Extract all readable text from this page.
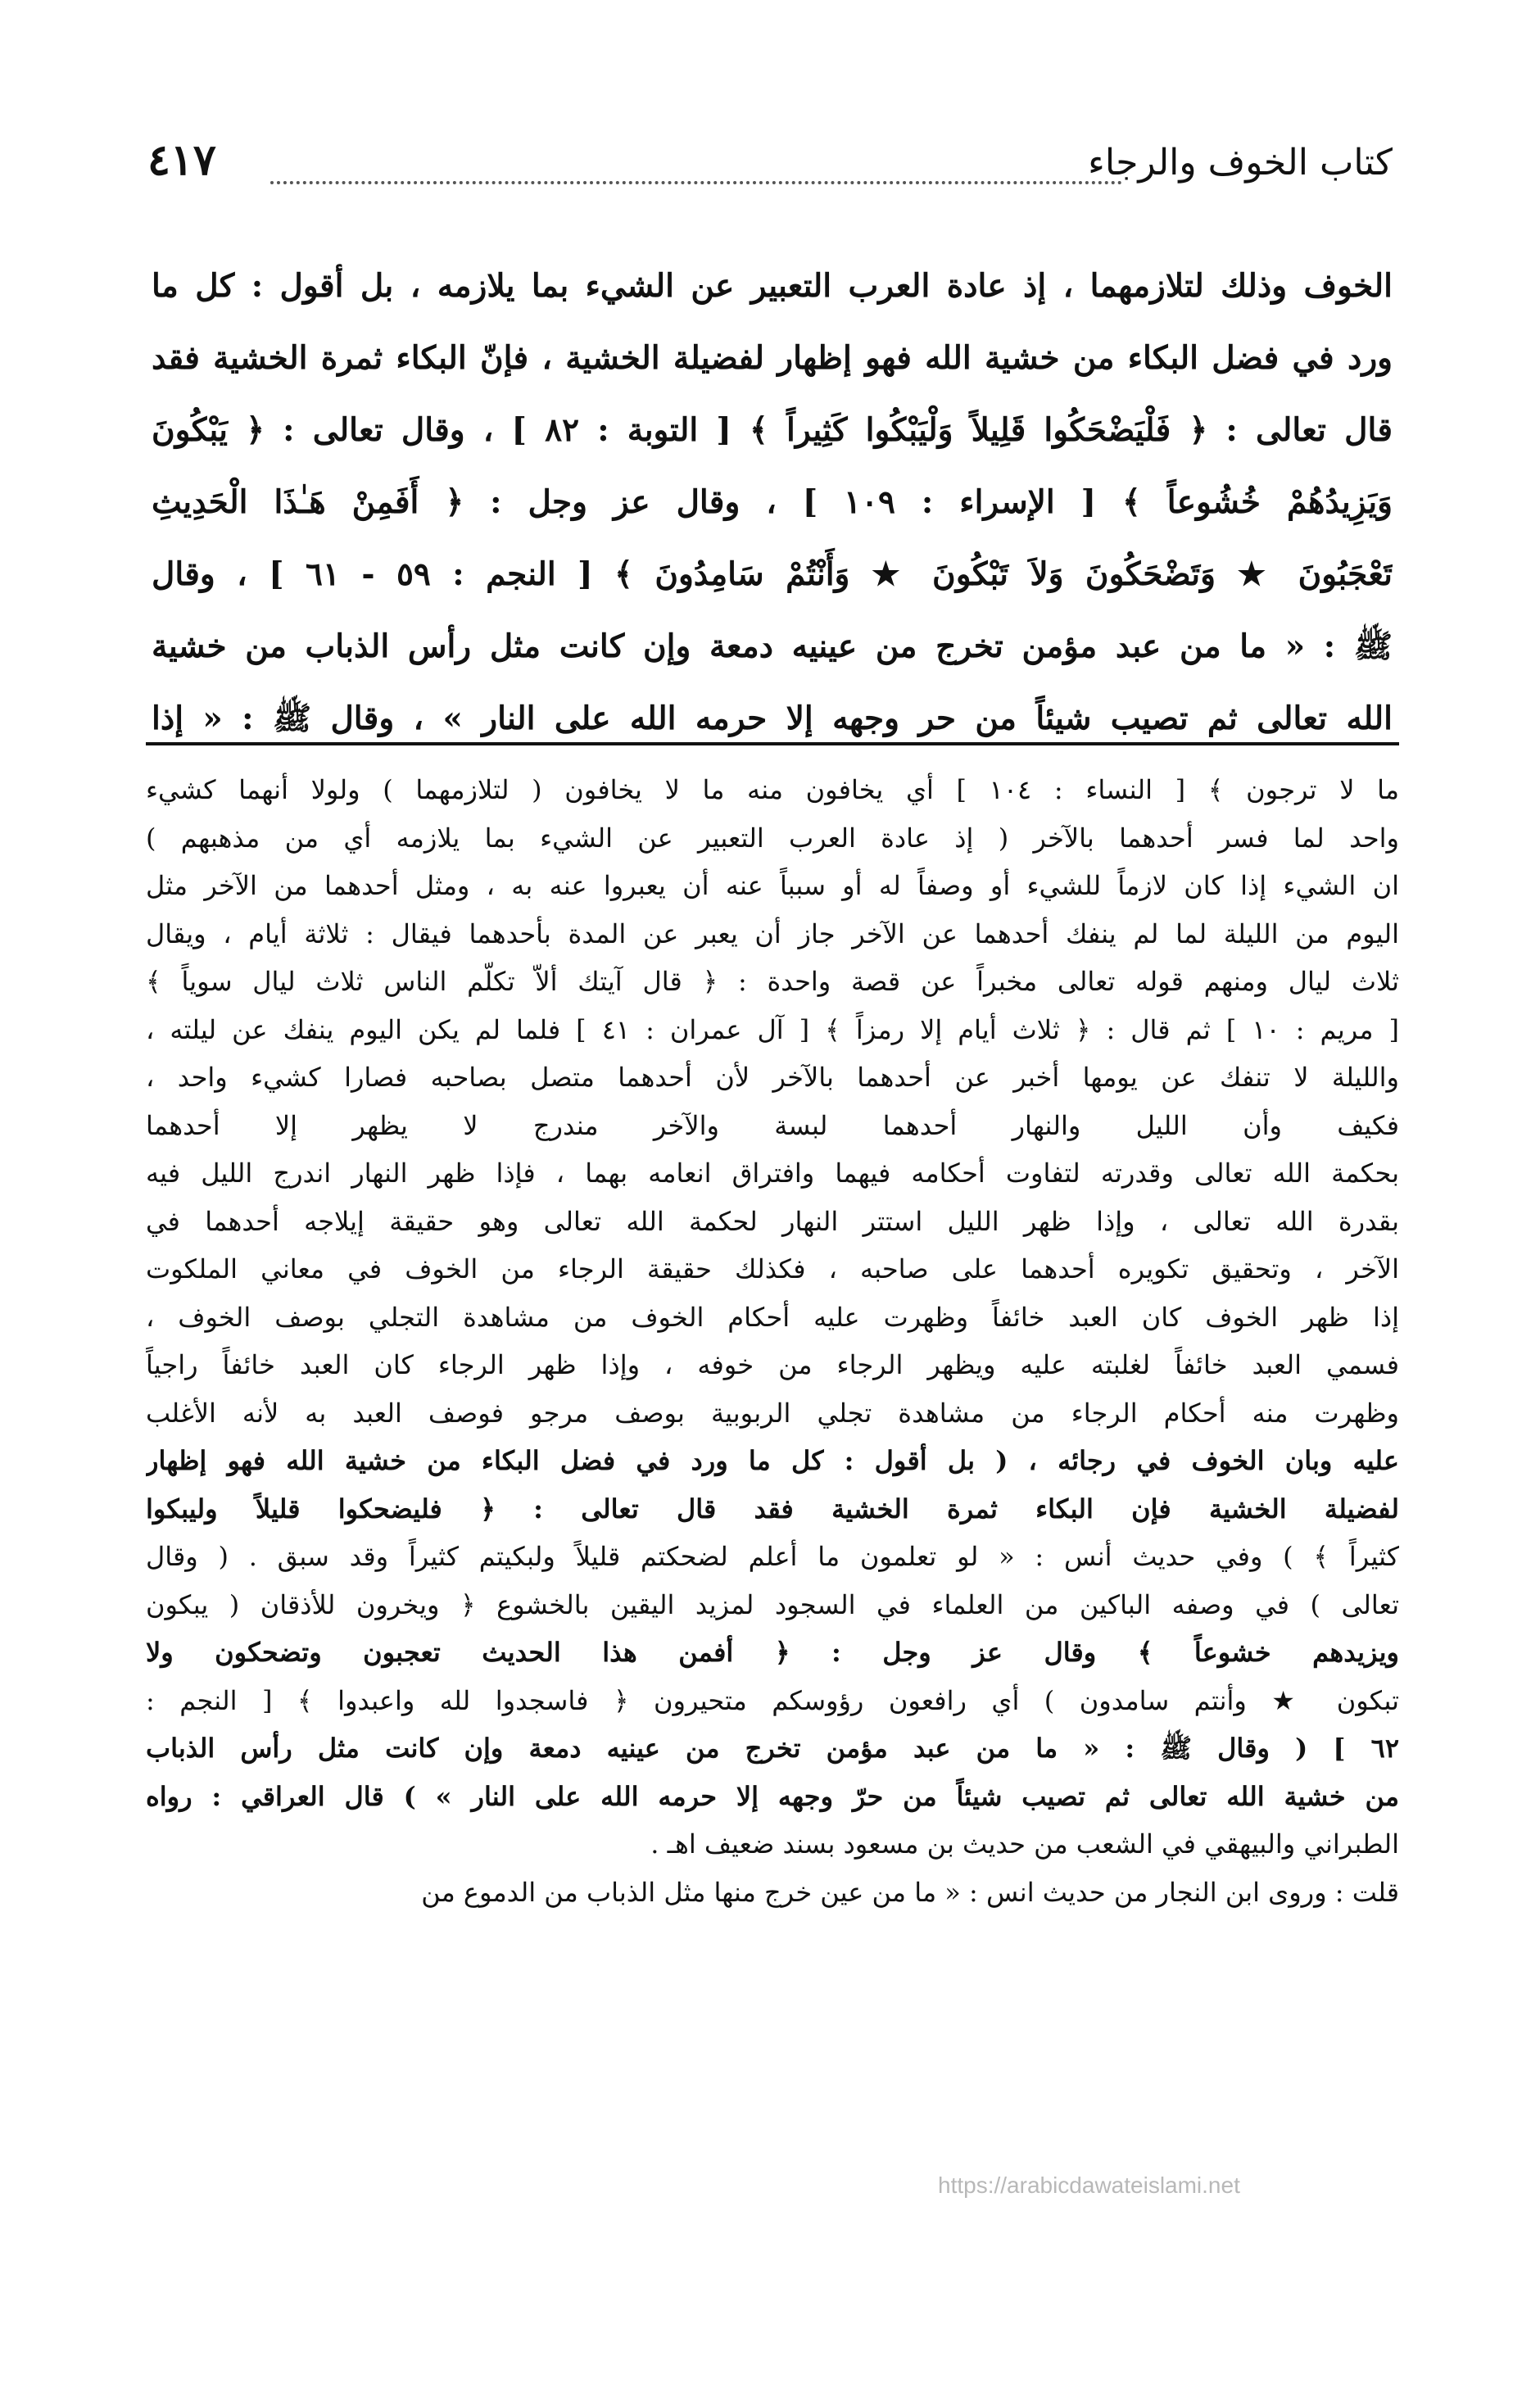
كتاب الخوف والرجاء
٤١٧

الخوف وذلك لتلازمهما ، إذ عادة العرب التعبير عن الشيء بما يلازمه ، بل أقول : كل ما

ورد في فضل البكاء من خشية الله فهو إظهار لفضيلة الخشية ، فإنّ البكاء ثمرة الخشية فقد

قال تعالى : ﴿ فَلْيَضْحَكُوا قَلِيلاً وَلْيَبْكُوا كَثِيراً ﴾ [ التوبة : ٨٢ ] ، وقال تعالى : ﴿ يَبْكُونَ

وَيَزِيدُهُمْ خُشُوعاً ﴾ [ الإسراء : ١٠٩ ] ، وقال عز وجل : ﴿ أَفَمِنْ هَـٰذَا الْحَدِيثِ

تَعْجَبُونَ ★ وَتَضْحَكُونَ وَلاَ تَبْكُونَ ★ وَأَنْتُمْ سَامِدُونَ ﴾ [ النجم : ٥٩ - ٦١ ] ، وقال

ﷺ : « ما من عبد مؤمن تخرج من عينيه دمعة وإن كانت مثل رأس الذباب من خشية

الله تعالى ثم تصيب شيئاً من حر وجهه إلا حرمه الله على النار » ، وقال ﷺ : « إذا

ما لا ترجون ﴾ [ النساء : ١٠٤ ] أي يخافون منه ما لا يخافون ( لتلازمهما ) ولولا أنهما كشيء

واحد لما فسر أحدهما بالآخر ( إذ عادة العرب التعبير عن الشيء بما يلازمه أي من مذهبهم )

ان الشيء إذا كان لازماً للشيء أو وصفاً له أو سبباً عنه أن يعبروا عنه به ، ومثل أحدهما من الآخر مثل

اليوم من الليلة لما لم ينفك أحدهما عن الآخر جاز أن يعبر عن المدة بأحدهما فيقال : ثلاثة أيام ، ويقال

ثلاث ليال ومنهم قوله تعالى مخبراً عن قصة واحدة : ﴿ قال آيتك ألاّ تكلّم الناس ثلاث ليال سوياً ﴾

[ مريم : ١٠ ] ثم قال : ﴿ ثلاث أيام إلا رمزاً ﴾ [ آل عمران : ٤١ ] فلما لم يكن اليوم ينفك عن ليلته ،

والليلة لا تنفك عن يومها أخبر عن أحدهما بالآخر لأن أحدهما متصل بصاحبه فصارا كشيء واحد ،

فكيف وأن الليل والنهار أحدهما لبسة والآخر مندرج لا يظهر إلا أحدهما

بحكمة الله تعالى وقدرته لتفاوت أحكامه فيهما وافتراق انعامه بهما ، فإذا ظهر النهار اندرج الليل فيه

بقدرة الله تعالى ، وإذا ظهر الليل استتر النهار لحكمة الله تعالى وهو حقيقة إيلاجه أحدهما في

الآخر ، وتحقيق تكويره أحدهما على صاحبه ، فكذلك حقيقة الرجاء من الخوف في معاني الملكوت

إذا ظهر الخوف كان العبد خائفاً وظهرت عليه أحكام الخوف من مشاهدة التجلي بوصف الخوف ،

فسمي العبد خائفاً لغلبته عليه ويظهر الرجاء من خوفه ، وإذا ظهر الرجاء كان العبد خائفاً راجياً

وظهرت منه أحكام الرجاء من مشاهدة تجلي الربوبية بوصف مرجو فوصف العبد به لأنه الأغلب

عليه وبان الخوف في رجائه ، ( بل أقول : كل ما ورد في فضل البكاء من خشية الله فهو إظهار

لفضيلة الخشية فإن البكاء ثمرة الخشية فقد قال تعالى : ﴿ فليضحكوا قليلاً وليبكوا

كثيراً ﴾ ) وفي حديث أنس : « لو تعلمون ما أعلم لضحكتم قليلاً ولبكيتم كثيراً وقد سبق . ( وقال

تعالى ) في وصفه الباكين من العلماء في السجود لمزيد اليقين بالخشوع ﴿ ويخرون للأذقان ( يبكون

ويزيدهم خشوعاً ﴾ وقال عز وجل : ﴿ أفمن هذا الحديث تعجبون وتضحكون ولا

تبكون ★ وأنتم سامدون ) أي رافعون رؤوسكم متحيرون ﴿ فاسجدوا لله واعبدوا ﴾ [ النجم :

٦٢ ] ( وقال ﷺ : « ما من عبد مؤمن تخرج من عينيه دمعة وإن كانت مثل رأس الذباب

من خشية الله تعالى ثم تصيب شيئاً من حرّ وجهه إلا حرمه الله على النار » ) قال العراقي : رواه

الطبراني والبيهقي في الشعب من حديث بن مسعود بسند ضعيف اهـ .

قلت : وروى ابن النجار من حديث انس : « ما من عين خرج منها مثل الذباب من الدموع من

https://arabicdawateislami.net
